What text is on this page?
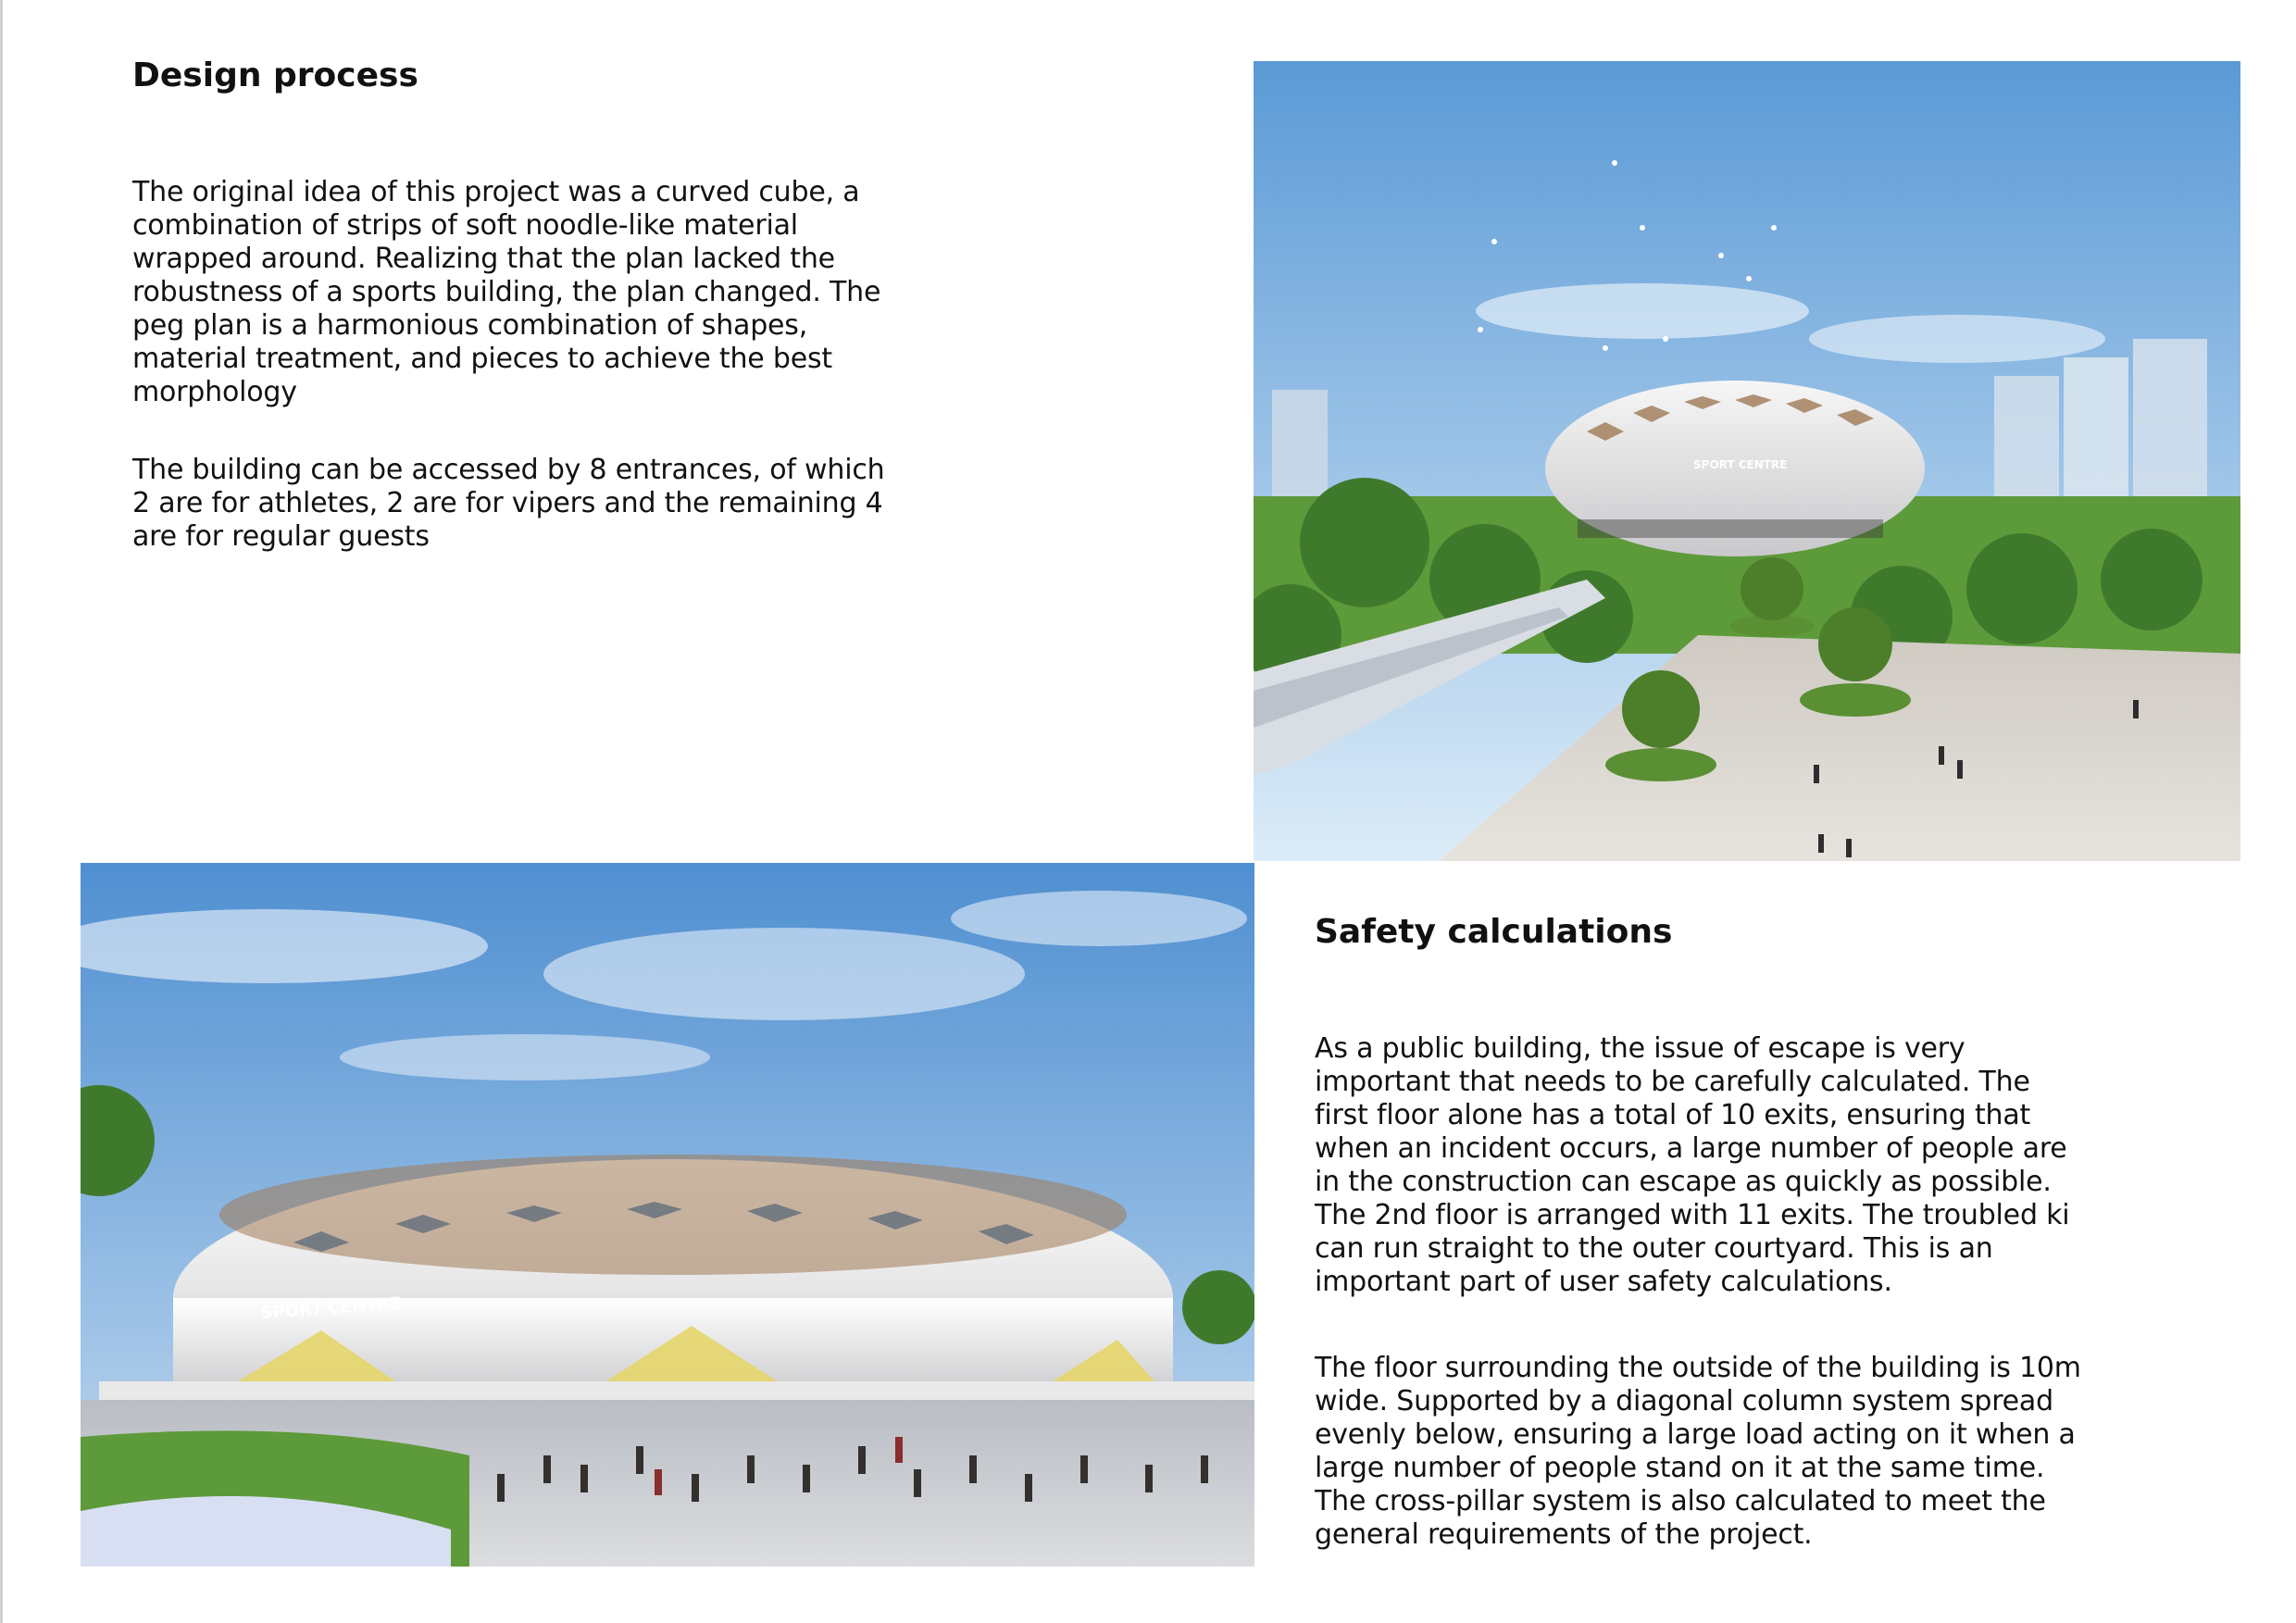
Design process

The original idea of this project was a curved cube, a combination of strips of soft noodle-like material wrapped around. Realizing that the plan lacked the robustness of a sports building, the plan changed. The peg plan is a harmonious combination of shapes, material treatment, and pieces to achieve the best morphology

The building can be accessed by 8 entrances, of which 2 are for athletes, 2 are for vipers and the remaining 4 are for regular guests

SPORT CENTRE
SPORT CENTRE
Safety calculations

As a public building, the issue of escape is very important that needs to be carefully calculated. The first floor alone has a total of 10 exits, ensuring that when an incident occurs, a large number of people are in the construction can escape as quickly as possible. The 2nd floor is arranged with 11 exits. The troubled ki can run straight to the outer courtyard. This is an important part of user safety calculations.

The floor surrounding the outside of the building is 10m wide. Supported by a diagonal column system spread evenly below, ensuring a large load acting on it when a large number of people stand on it at the same time. The cross-pillar system is also calculated to meet the general requirements of the project.
